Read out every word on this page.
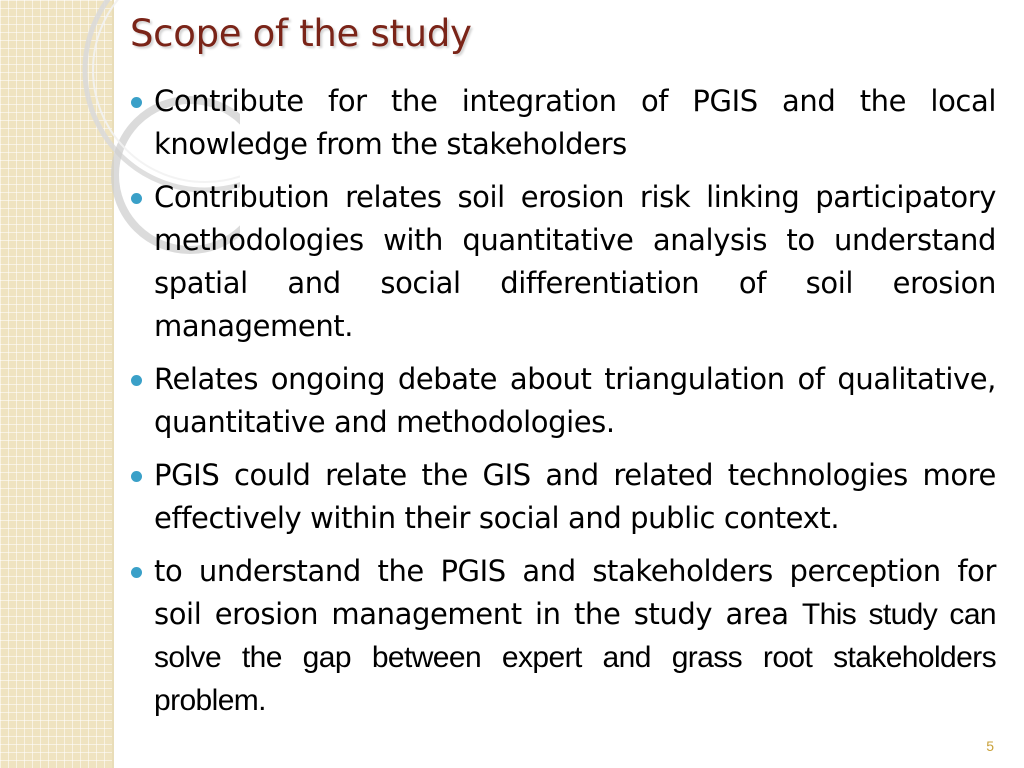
Scope of the study
Contribute for the integration of PGIS and the local knowledge from the stakeholders
Contribution relates soil erosion risk linking participatory methodologies with quantitative analysis to understand spatial and social differentiation of soil erosion management.
Relates ongoing debate about triangulation of qualitative, quantitative and methodologies.
PGIS could relate the GIS and related technologies more effectively within their social and public context.
to understand the PGIS and stakeholders perception for soil erosion management in the study area This study can solve the gap between expert and grass root stakeholders problem.
5
